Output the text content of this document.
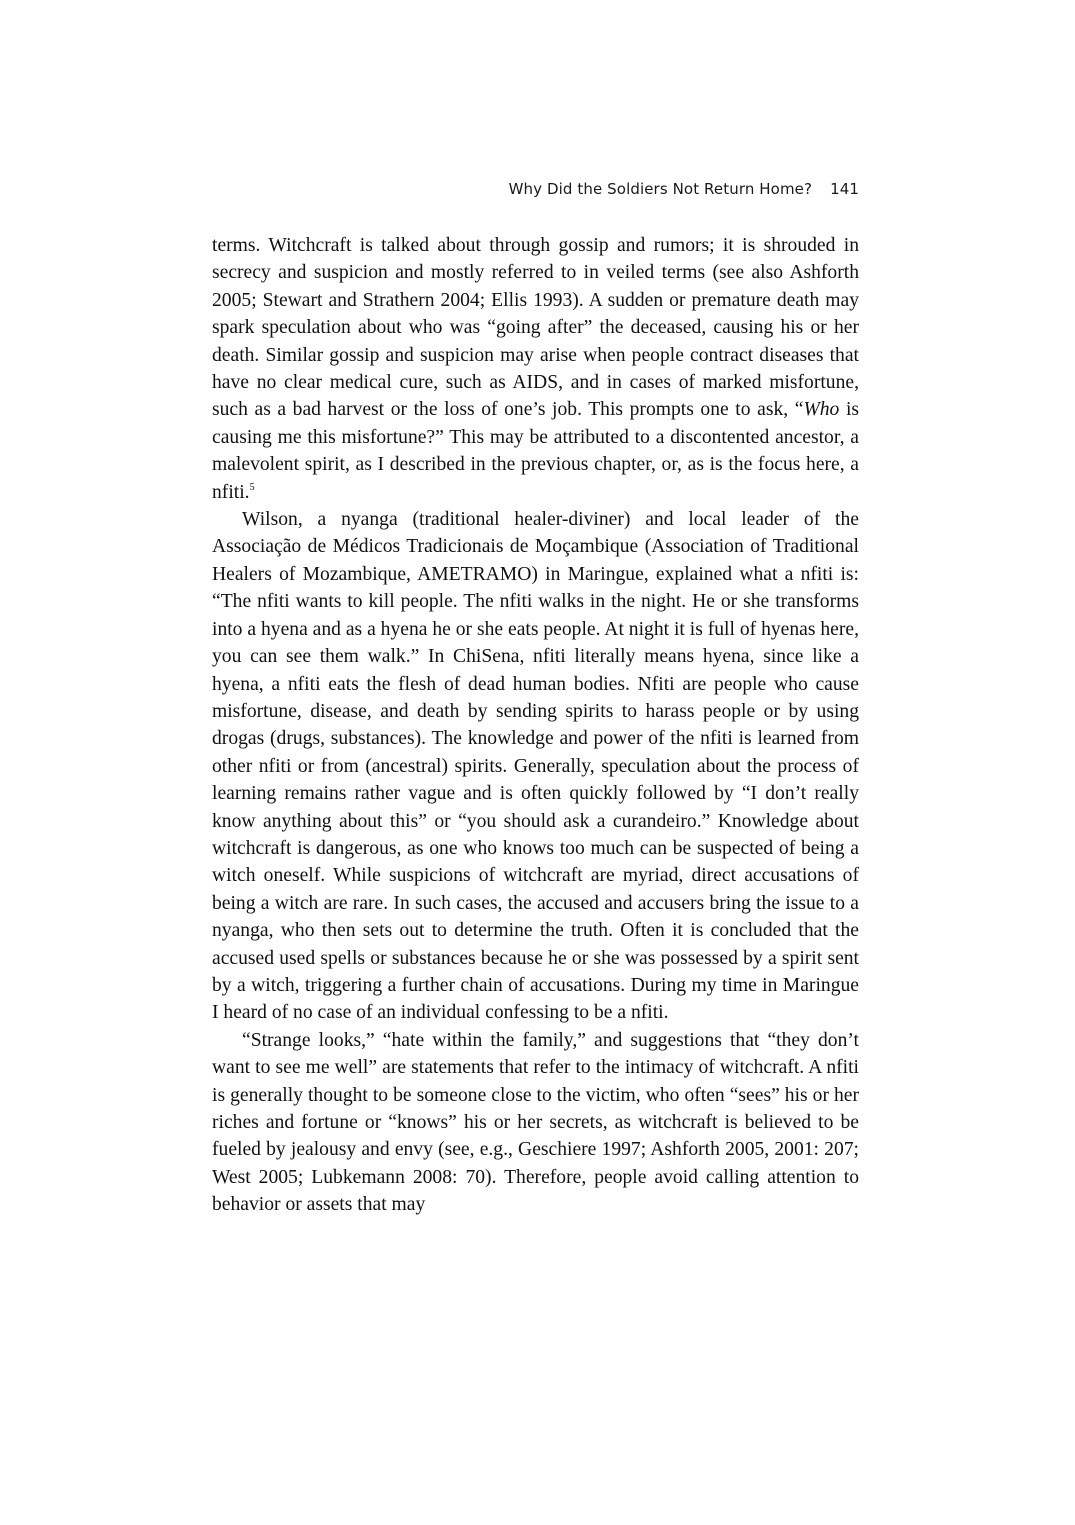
Why Did the Soldiers Not Return Home? 141

terms. Witchcraft is talked about through gossip and rumors; it is shrouded in secrecy and suspicion and mostly referred to in veiled terms (see also Ashforth 2005; Stewart and Strathern 2004; Ellis 1993). A sudden or premature death may spark speculation about who was “going after” the deceased, causing his or her death. Similar gossip and suspicion may arise when people contract diseases that have no clear medical cure, such as AIDS, and in cases of marked misfortune, such as a bad harvest or the loss of one’s job. This prompts one to ask, “Who is causing me this misfortune?” This may be attributed to a discontented ancestor, a malevolent spirit, as I described in the previous chapter, or, as is the focus here, a nfiti.$^5$

Wilson, a nyanga (traditional healer-diviner) and local leader of the Associação de Médicos Tradicionais de Moçambique (Association of Traditional Healers of Mozambique, AMETRAMO) in Maringue, explained what a nfiti is: “The nfiti wants to kill people. The nfiti walks in the night. He or she transforms into a hyena and as a hyena he or she eats people. At night it is full of hyenas here, you can see them walk.” In ChiSena, nfiti literally means hyena, since like a hyena, a nfiti eats the flesh of dead human bodies. Nfiti are people who cause misfortune, disease, and death by sending spirits to harass people or by using drogas (drugs, substances). The knowledge and power of the nfiti is learned from other nfiti or from (ancestral) spirits. Generally, speculation about the process of learning remains rather vague and is often quickly followed by “I don’t really know anything about this” or “you should ask a curandeiro.” Knowledge about witchcraft is dangerous, as one who knows too much can be suspected of being a witch oneself. While suspicions of witchcraft are myriad, direct accusations of being a witch are rare. In such cases, the accused and accusers bring the issue to a nyanga, who then sets out to determine the truth. Often it is concluded that the accused used spells or substances because he or she was possessed by a spirit sent by a witch, triggering a further chain of accusations. During my time in Maringue I heard of no case of an individual confessing to be a nfiti.

“Strange looks,” “hate within the family,” and suggestions that “they don’t want to see me well” are statements that refer to the intimacy of witchcraft. A nfiti is generally thought to be someone close to the victim, who often “sees” his or her riches and fortune or “knows” his or her secrets, as witchcraft is believed to be fueled by jealousy and envy (see, e.g., Geschiere 1997; Ashforth 2005, 2001: 207; West 2005; Lubkemann 2008: 70). Therefore, people avoid calling attention to behavior or assets that may
